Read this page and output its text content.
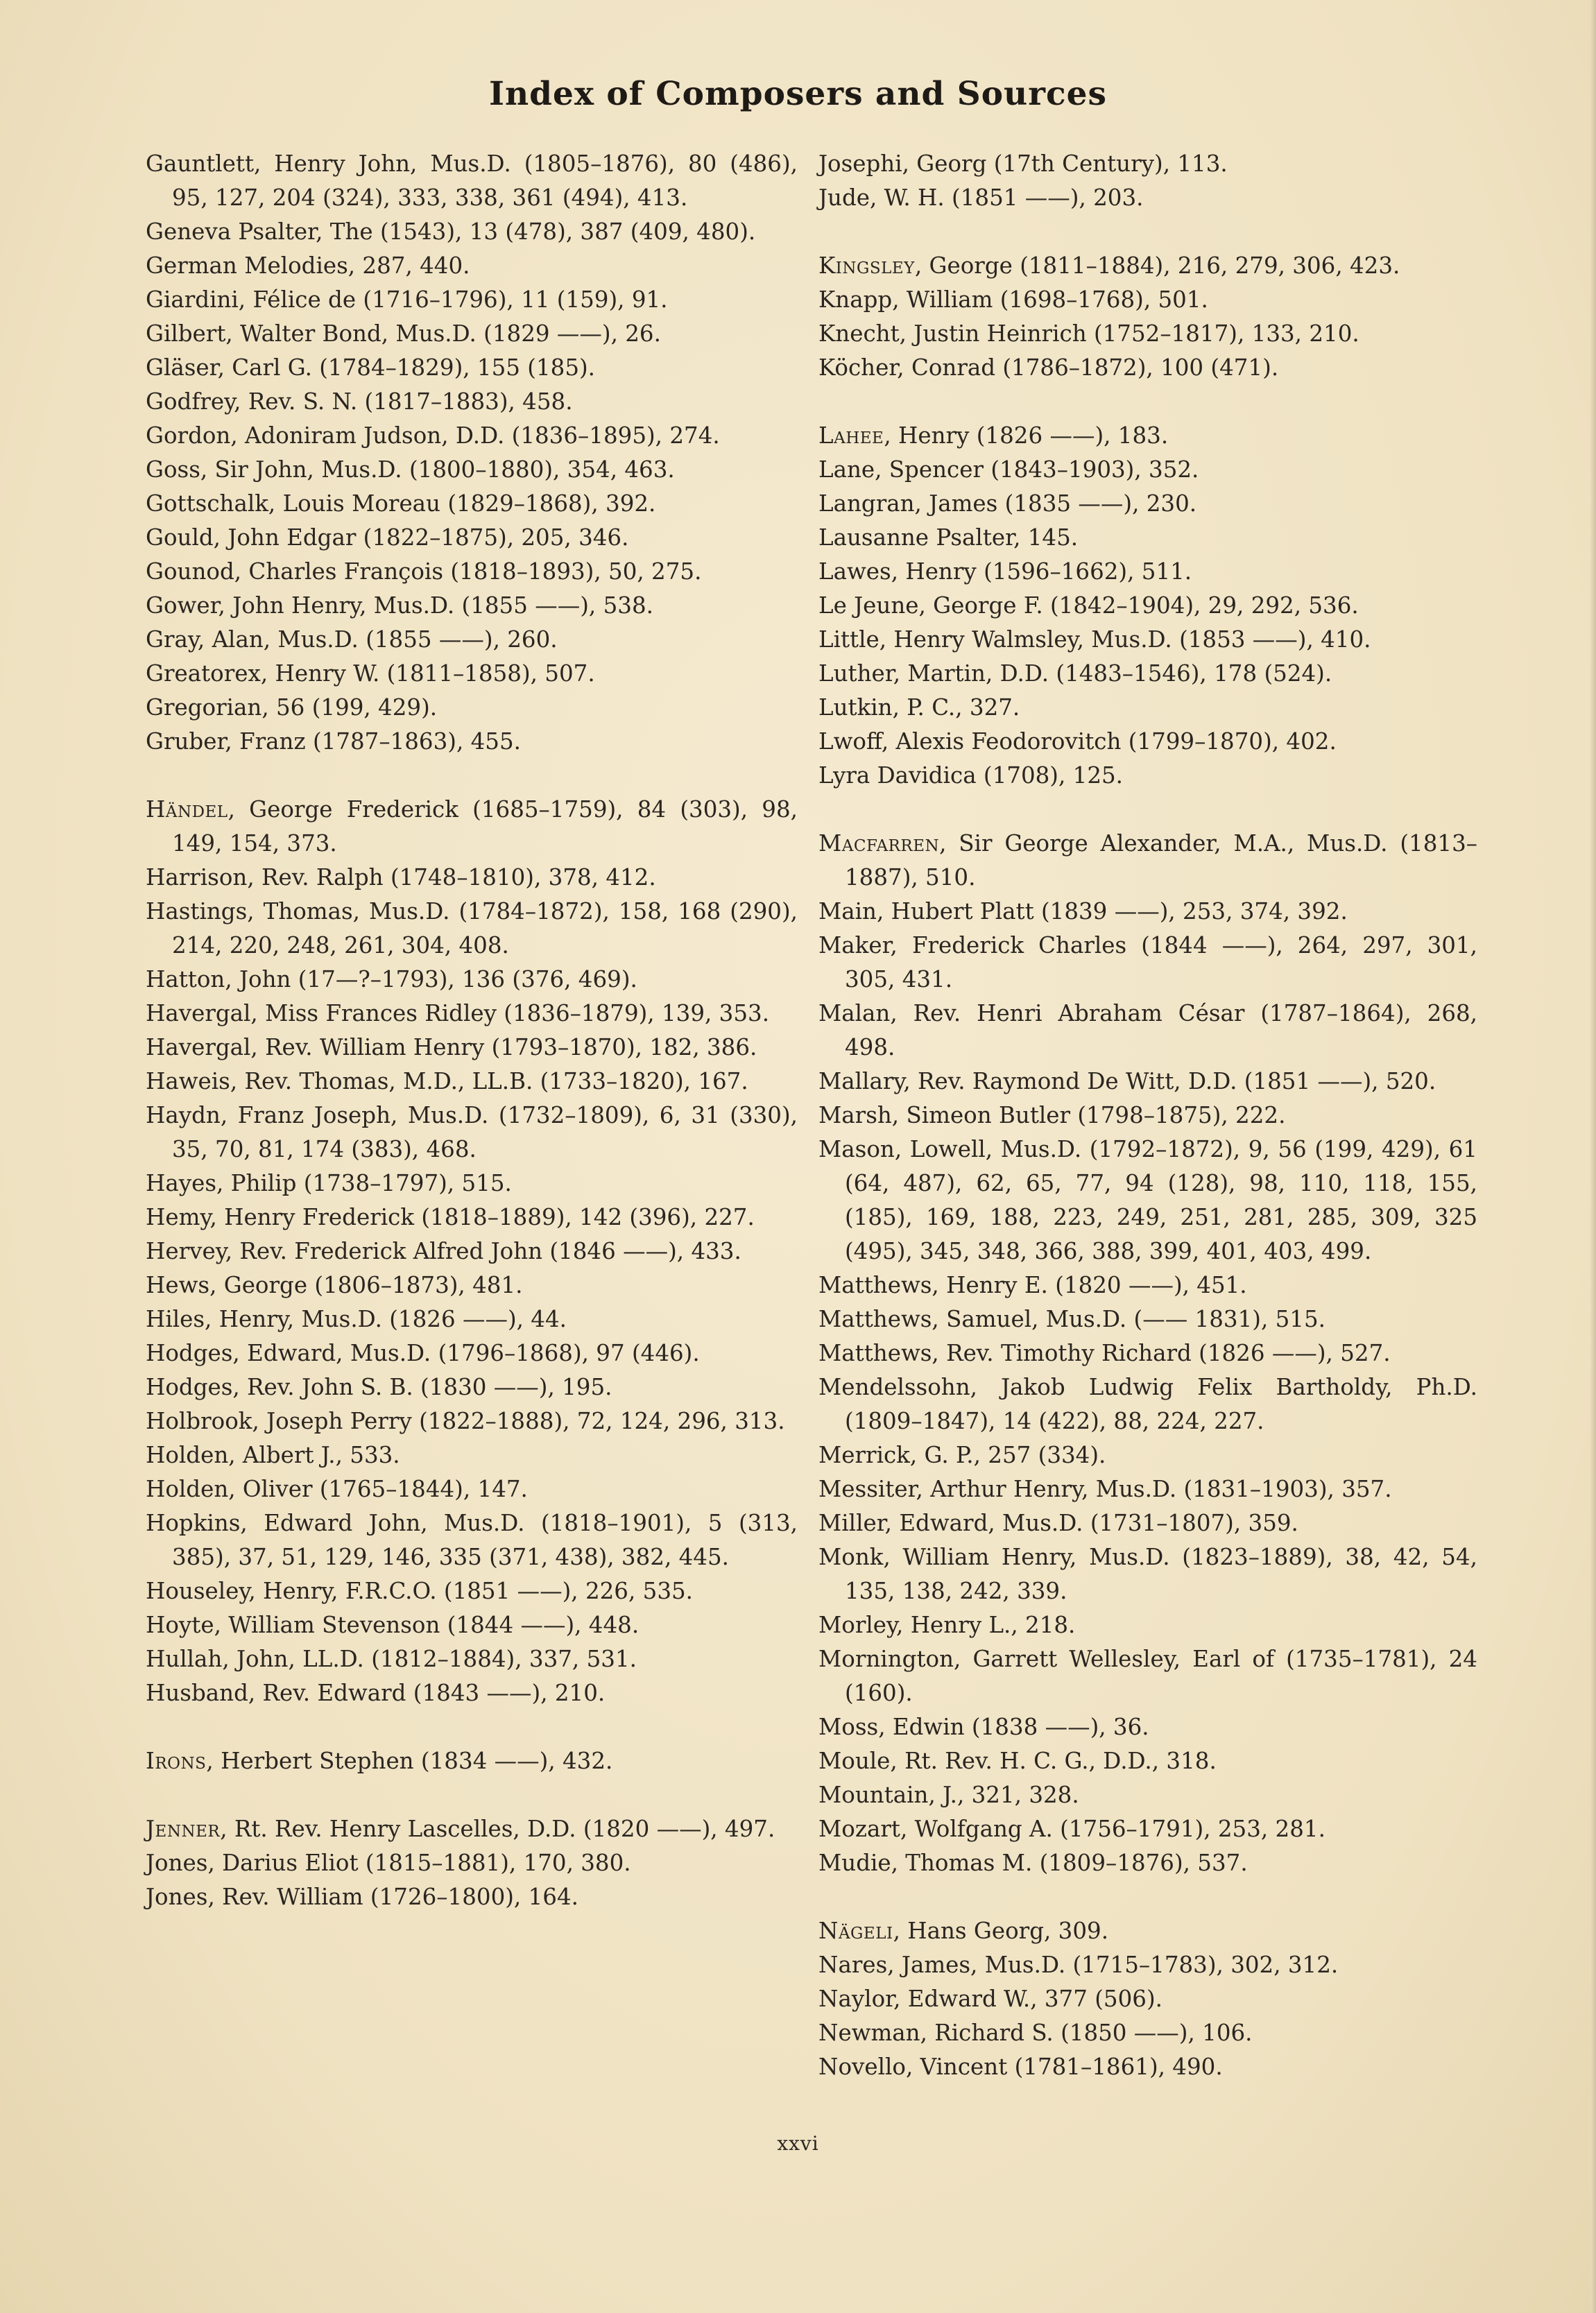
Index of Composers and Sources

Gauntlett, Henry John, Mus.D. (1805–1876), 80 (486), 95, 127, 204 (324), 333, 338, 361 (494), 413.

Geneva Psalter, The (1543), 13 (478), 387 (409, 480).

German Melodies, 287, 440.

Giardini, Félice de (1716–1796), 11 (159), 91.

Gilbert, Walter Bond, Mus.D. (1829 ——), 26.

Gläser, Carl G. (1784–1829), 155 (185).

Godfrey, Rev. S. N. (1817–1883), 458.

Gordon, Adoniram Judson, D.D. (1836–1895), 274.

Goss, Sir John, Mus.D. (1800–1880), 354, 463.

Gottschalk, Louis Moreau (1829–1868), 392.

Gould, John Edgar (1822–1875), 205, 346.

Gounod, Charles François (1818–1893), 50, 275.

Gower, John Henry, Mus.D. (1855 ——), 538.

Gray, Alan, Mus.D. (1855 ——), 260.

Greatorex, Henry W. (1811–1858), 507.

Gregorian, 56 (199, 429).

Gruber, Franz (1787–1863), 455.

Händel, George Frederick (1685–1759), 84 (303), 98, 149, 154, 373.

Harrison, Rev. Ralph (1748–1810), 378, 412.

Hastings, Thomas, Mus.D. (1784–1872), 158, 168 (290), 214, 220, 248, 261, 304, 408.

Hatton, John (17—?–1793), 136 (376, 469).

Havergal, Miss Frances Ridley (1836–1879), 139, 353.

Havergal, Rev. William Henry (1793–1870), 182, 386.

Haweis, Rev. Thomas, M.D., LL.B. (1733–1820), 167.

Haydn, Franz Joseph, Mus.D. (1732–1809), 6, 31 (330), 35, 70, 81, 174 (383), 468.

Hayes, Philip (1738–1797), 515.

Hemy, Henry Frederick (1818–1889), 142 (396), 227.

Hervey, Rev. Frederick Alfred John (1846 ——), 433.

Hews, George (1806–1873), 481.

Hiles, Henry, Mus.D. (1826 ——), 44.

Hodges, Edward, Mus.D. (1796–1868), 97 (446).

Hodges, Rev. John S. B. (1830 ——), 195.

Holbrook, Joseph Perry (1822–1888), 72, 124, 296, 313.

Holden, Albert J., 533.

Holden, Oliver (1765–1844), 147.

Hopkins, Edward John, Mus.D. (1818–1901), 5 (313, 385), 37, 51, 129, 146, 335 (371, 438), 382, 445.

Houseley, Henry, F.R.C.O. (1851 ——), 226, 535.

Hoyte, William Stevenson (1844 ——), 448.

Hullah, John, LL.D. (1812–1884), 337, 531.

Husband, Rev. Edward (1843 ——), 210.

Irons, Herbert Stephen (1834 ——), 432.

Jenner, Rt. Rev. Henry Lascelles, D.D. (1820 ——), 497.

Jones, Darius Eliot (1815–1881), 170, 380.

Jones, Rev. William (1726–1800), 164.

Josephi, Georg (17th Century), 113.

Jude, W. H. (1851 ——), 203.

Kingsley, George (1811–1884), 216, 279, 306, 423.

Knapp, William (1698–1768), 501.

Knecht, Justin Heinrich (1752–1817), 133, 210.

Köcher, Conrad (1786–1872), 100 (471).

Lahee, Henry (1826 ——), 183.

Lane, Spencer (1843–1903), 352.

Langran, James (1835 ——), 230.

Lausanne Psalter, 145.

Lawes, Henry (1596–1662), 511.

Le Jeune, George F. (1842–1904), 29, 292, 536.

Little, Henry Walmsley, Mus.D. (1853 ——), 410.

Luther, Martin, D.D. (1483–1546), 178 (524).

Lutkin, P. C., 327.

Lwoff, Alexis Feodorovitch (1799–1870), 402.

Lyra Davidica (1708), 125.

Macfarren, Sir George Alexander, M.A., Mus.D. (1813–1887), 510.

Main, Hubert Platt (1839 ——), 253, 374, 392.

Maker, Frederick Charles (1844 ——), 264, 297, 301, 305, 431.

Malan, Rev. Henri Abraham César (1787–1864), 268, 498.

Mallary, Rev. Raymond De Witt, D.D. (1851 ——), 520.

Marsh, Simeon Butler (1798–1875), 222.

Mason, Lowell, Mus.D. (1792–1872), 9, 56 (199, 429), 61 (64, 487), 62, 65, 77, 94 (128), 98, 110, 118, 155, (185), 169, 188, 223, 249, 251, 281, 285, 309, 325 (495), 345, 348, 366, 388, 399, 401, 403, 499.

Matthews, Henry E. (1820 ——), 451.

Matthews, Samuel, Mus.D. (—— 1831), 515.

Matthews, Rev. Timothy Richard (1826 ——), 527.

Mendelssohn, Jakob Ludwig Felix Bartholdy, Ph.D. (1809–1847), 14 (422), 88, 224, 227.

Merrick, G. P., 257 (334).

Messiter, Arthur Henry, Mus.D. (1831–1903), 357.

Miller, Edward, Mus.D. (1731–1807), 359.

Monk, William Henry, Mus.D. (1823–1889), 38, 42, 54, 135, 138, 242, 339.

Morley, Henry L., 218.

Mornington, Garrett Wellesley, Earl of (1735–1781), 24 (160).

Moss, Edwin (1838 ——), 36.

Moule, Rt. Rev. H. C. G., D.D., 318.

Mountain, J., 321, 328.

Mozart, Wolfgang A. (1756–1791), 253, 281.

Mudie, Thomas M. (1809–1876), 537.

Nägeli, Hans Georg, 309.

Nares, James, Mus.D. (1715–1783), 302, 312.

Naylor, Edward W., 377 (506).

Newman, Richard S. (1850 ——), 106.

Novello, Vincent (1781–1861), 490.

xxvi
